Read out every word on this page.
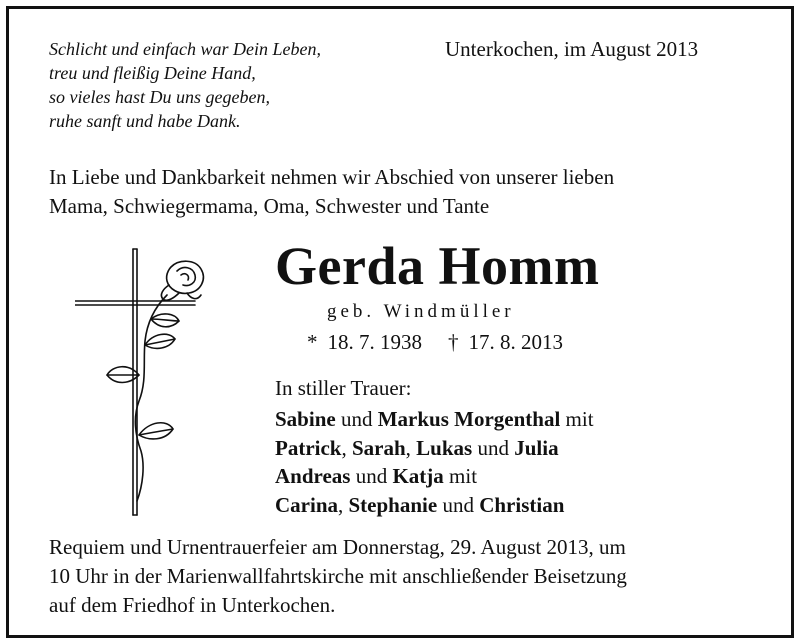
Schlicht und einfach war Dein Leben,
treu und fleißig Deine Hand,
so vieles hast Du uns gegeben,
ruhe sanft und habe Dank.
Unterkochen, im August 2013
In Liebe und Dankbarkeit nehmen wir Abschied von unserer lieben
Mama, Schwiegermama, Oma, Schwester und Tante
Gerda Homm
geb. Windmüller
* 18. 7. 1938 † 17. 8. 2013
In stiller Trauer:
Sabine und Markus Morgenthal mit
Patrick, Sarah, Lukas und Julia
Andreas und Katja mit
Carina, Stephanie und Christian
Requiem und Urnentrauerfeier am Donnerstag, 29. August 2013, um
10 Uhr in der Marienwallfahrtskirche mit anschließender Beisetzung
auf dem Friedhof in Unterkochen.
